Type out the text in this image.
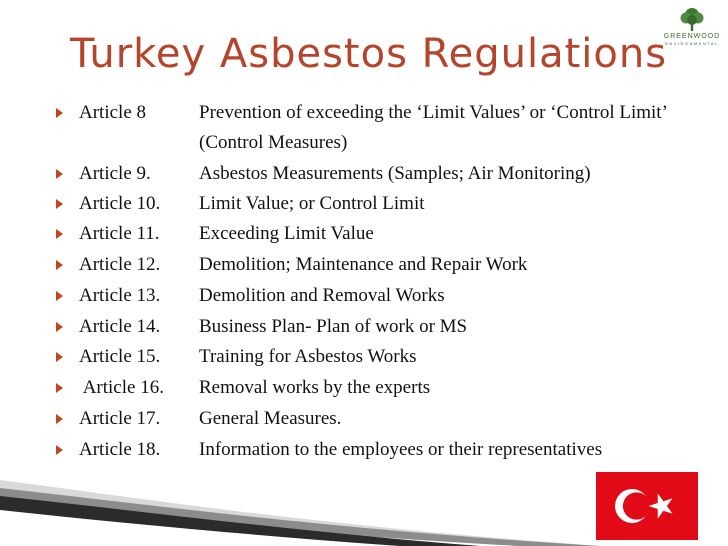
Turkey Asbestos Regulations
GREENWOOD
ENVIRONMENTAL
Article 8	Prevention of exceeding the ‘Limit Values’ or ‘Control Limit’ (Control Measures)
Article 9.	Asbestos Measurements (Samples; Air Monitoring)
Article 10. Limit Value; or Control Limit
Article 11. Exceeding Limit Value
Article 12. Demolition; Maintenance and Repair Work
Article 13. Demolition and Removal Works
Article 14. Business Plan- Plan of work or MS
Article 15. Training for Asbestos Works
Article 16. Removal works by the experts
Article 17. General Measures.
Article 18. Information to the employees or their representatives
